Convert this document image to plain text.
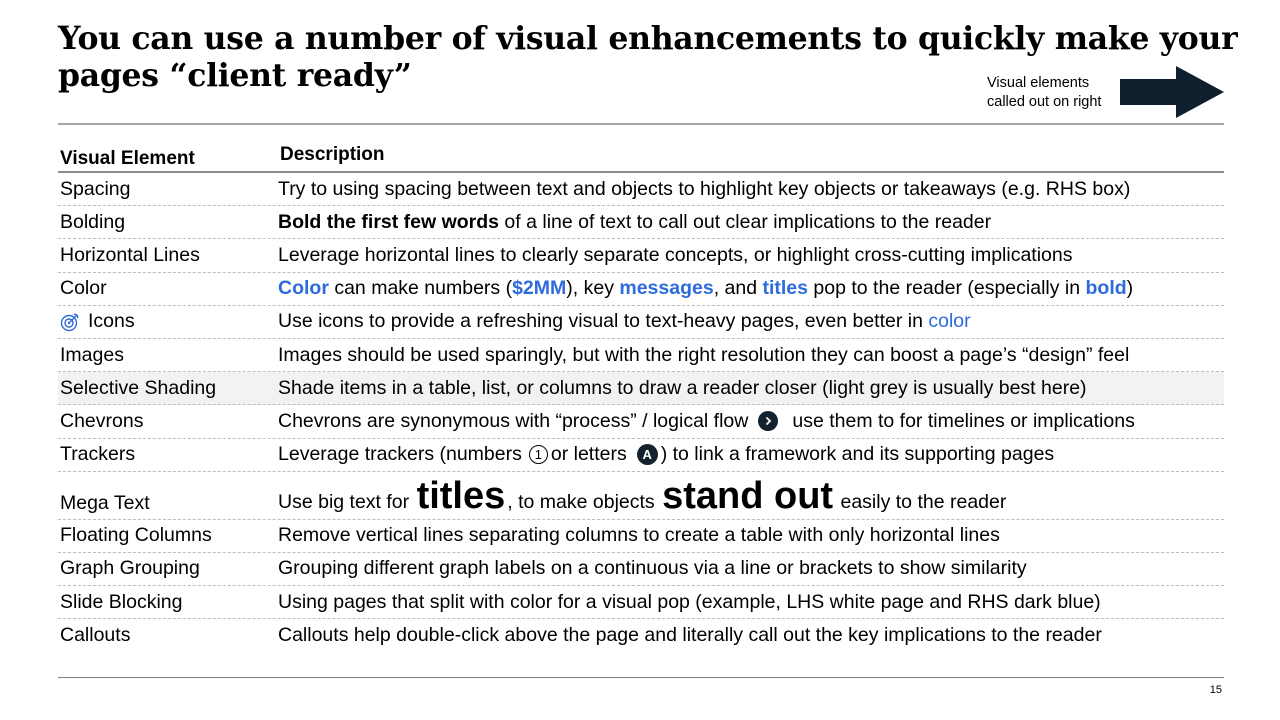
You can use a number of visual enhancements to quickly make your pages “client ready”	Visual elements
called out on right
Visual Element	Description
Spacing	Try to using spacing between text and objects to highlight key objects or takeaways (e.g. RHS box)
Bolding	Bold the first few words of a line of text to call out clear implications to the reader
Horizontal Lines	Leverage horizontal lines to clearly separate concepts, or highlight cross-cutting implications
Color	Color can make numbers ( $2MM ), key messages , and titles pop to the reader (especially in bold )
Icons	Use icons to provide a refreshing visual to text-heavy pages, even better in color
Images	Images should be used sparingly, but with the right resolution they can boost a page’s “design” feel
Selective Shading	Shade items in a table, list, or columns to draw a reader closer (light grey is usually best here)
Chevrons	Chevrons are synonymous with “process” / logical flow use them to for timelines or implications
Trackers	Leverage trackers (numbers 1 or letters	A ) to link a framework and its supporting pages
Mega Text	Use big text for titles , to make objects stand out easily to the reader
Floating Columns	Remove vertical lines separating columns to create a table with only horizontal lines
Graph Grouping	Grouping different graph labels on a continuous via a line or brackets to show similarity
Slide Blocking	Using pages that split with color for a visual pop (example, LHS white page and RHS dark blue)
Callouts	Callouts help double-click above the page and literally call out the key implications to the reader
15
